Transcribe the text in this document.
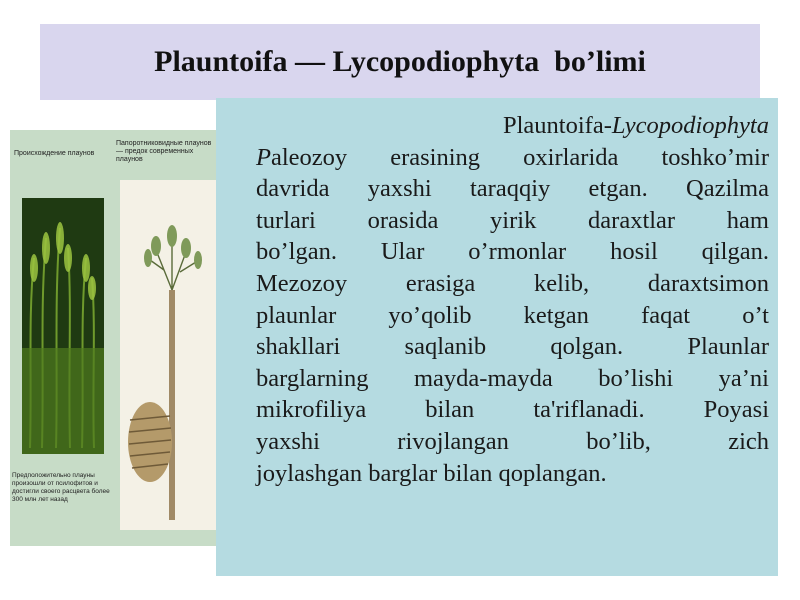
Plauntoifa — Lycopodiophyta  bo’limi
Происхождение плаунов
Папоротниковидные плаунов — предок современных плаунов
Предположительно плауны произошли от псилофитов и достигли своего расцвета более 300 млн лет назад
Plauntoifa-Lycopodiophyta
Paleozoy erasining oxirlarida toshko’mir
davrida yaxshi taraqqiy etgan. Qazilma
turlari orasida yirik daraxtlar ham
bo’lgan. Ular o’rmonlar hosil qilgan.
Mezozoy erasiga kelib, daraxtsimon
plaunlar yo’qolib ketgan faqat o’t
shakllari saqlanib qolgan. Plaunlar
barglarning mayda-mayda bo’lishi ya’ni
mikrofiliya bilan ta'riflanadi. Poyasi
yaxshi rivojlangan bo’lib, zich
joylashgan barglar bilan qoplangan.
